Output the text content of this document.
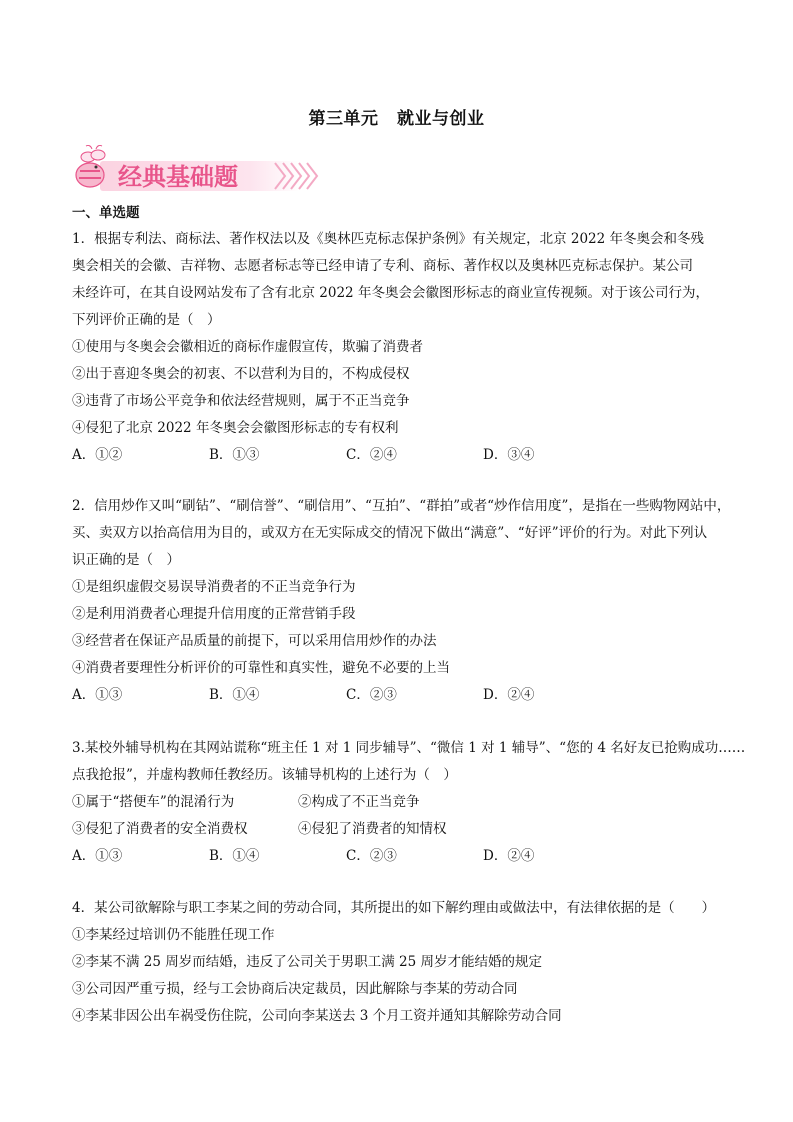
第三单元 就业与创业
经典基础题
一、单选题

1．根据专利法、商标法、著作权法以及《奥林匹克标志保护条例》有关规定，北京 2022 年冬奥会和冬残

奥会相关的会徽、吉祥物、志愿者标志等已经申请了专利、商标、著作权以及奥林匹克标志保护。某公司

未经许可，在其自设网站发布了含有北京 2022 年冬奥会会徽图形标志的商业宣传视频。对于该公司行为，

下列评价正确的是（　）

①使用与冬奥会会徽相近的商标作虚假宣传，欺骗了消费者

②出于喜迎冬奥会的初衷、不以营利为目的，不构成侵权

③违背了市场公平竞争和依法经营规则，属于不正当竞争

④侵犯了北京 2022 年冬奥会会徽图形标志的专有权利

A．①②	B．①③	C．②④	D．③④

2．信用炒作又叫“刷钻”、“刷信誉”、“刷信用”、“互拍”、“群拍”或者“炒作信用度”，是指在一些购物网站中，

买、卖双方以抬高信用为目的，或双方在无实际成交的情况下做出“满意”、“好评”评价的行为。对此下列认

识正确的是（　）

①是组织虚假交易误导消费者的不正当竞争行为

②是利用消费者心理提升信用度的正常营销手段

③经营者在保证产品质量的前提下，可以采用信用炒作的办法

④消费者要理性分析评价的可靠性和真实性，避免不必要的上当

A．①③	B．①④	C．②③	D．②④

3.某校外辅导机构在其网站谎称“班主任 1 对 1 同步辅导”、“微信 1 对 1 辅导”、“您的 4 名好友已抢购成功……

点我抢报”，并虚构教师任教经历。该辅导机构的上述行为（　）

①属于“搭便车”的混淆行为	②构成了不正当竞争

③侵犯了消费者的安全消费权	④侵犯了消费者的知情权

A．①③	B．①④	C．②③	D．②④

4．某公司欲解除与职工李某之间的劳动合同，其所提出的如下解约理由或做法中，有法律依据的是（　　）

①李某经过培训仍不能胜任现工作

②李某不满 25 周岁而结婚，违反了公司关于男职工满 25 周岁才能结婚的规定

③公司因严重亏损，经与工会协商后决定裁员，因此解除与李某的劳动合同

④李某非因公出车祸受伤住院，公司向李某送去 3 个月工资并通知其解除劳动合同
